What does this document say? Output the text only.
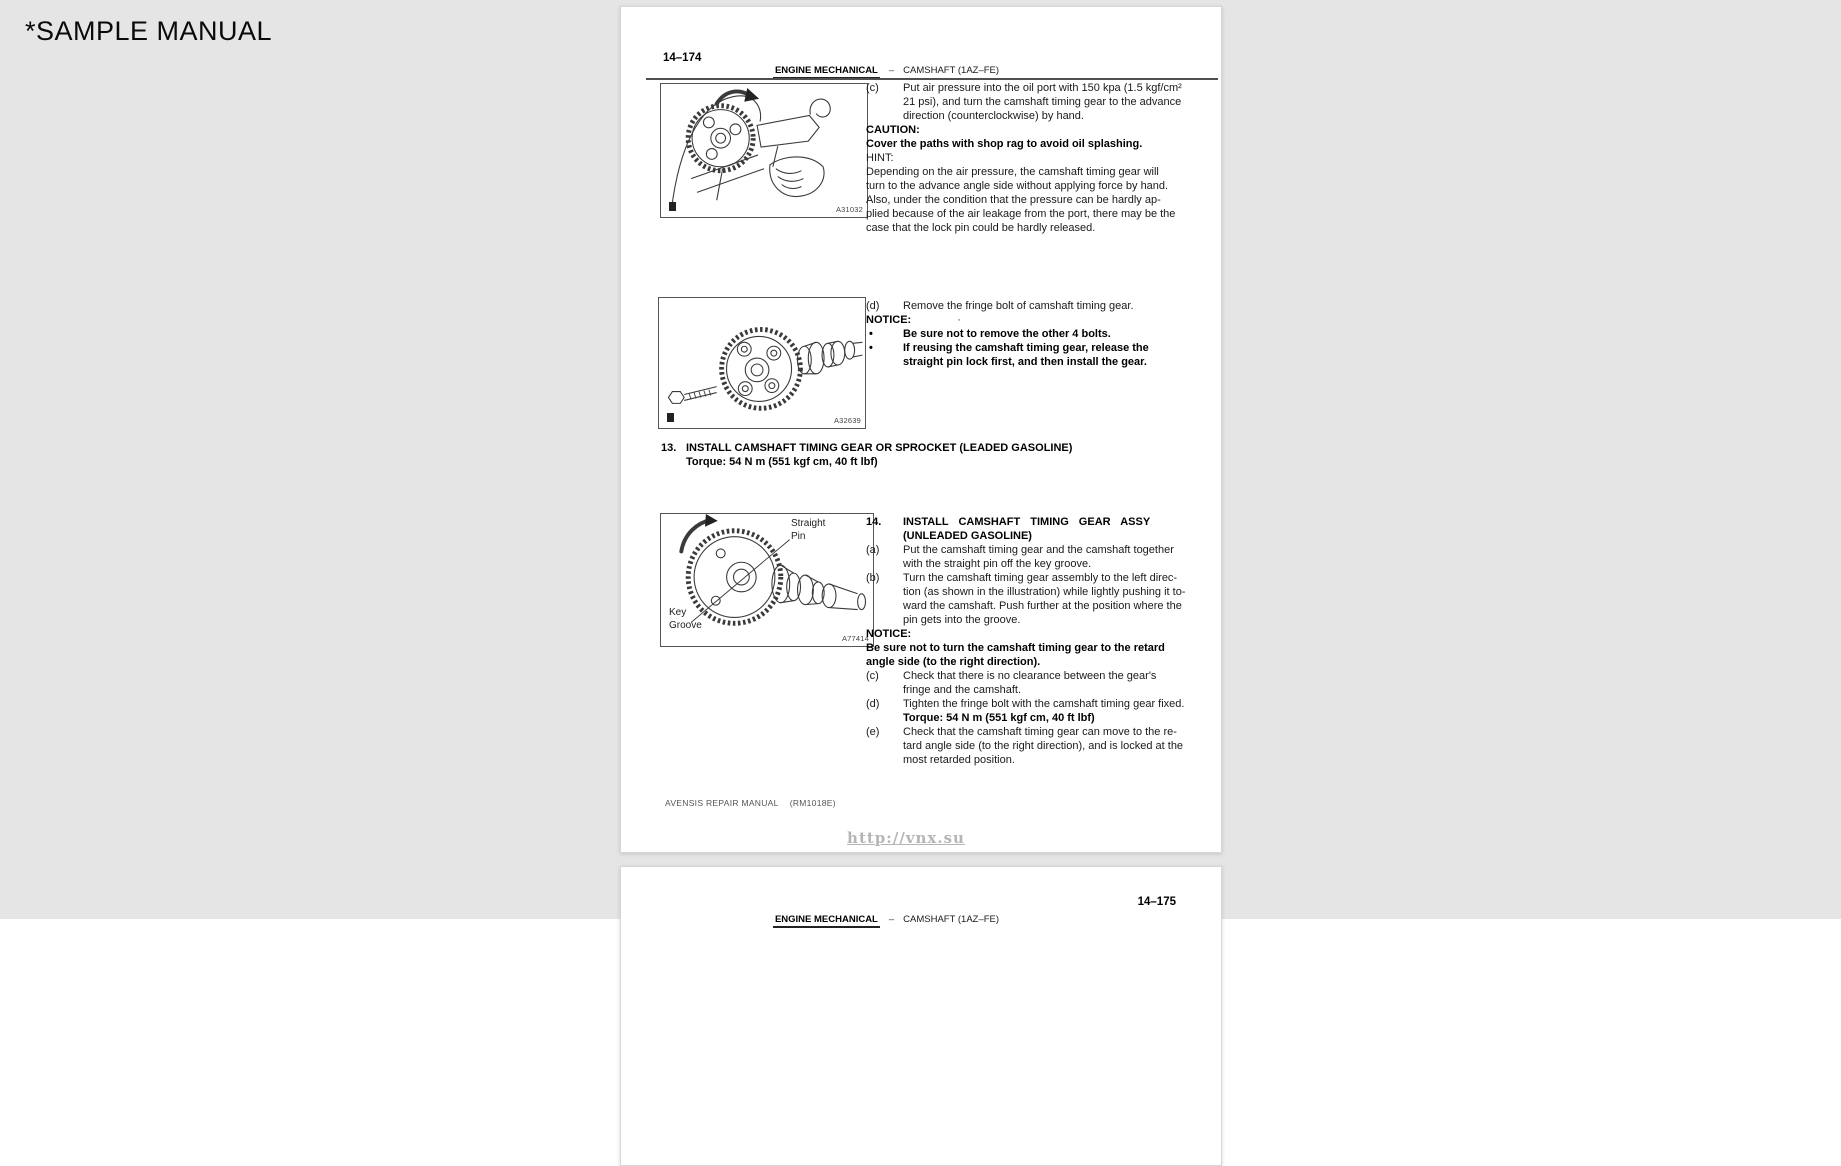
*SAMPLE MANUAL
14–174
ENGINE MECHANICAL – CAMSHAFT (1AZ–FE)
A31032
(c)	Put air pressure into the oil port with 150 kpa (1.5 kgf/cm²
21 psi), and turn the camshaft timing gear to the advance
direction (counterclockwise) by hand.
CAUTION:
Cover the paths with shop rag to avoid oil splashing.
HINT:
Depending on the air pressure, the camshaft timing gear will
turn to the advance angle side without applying force by hand.
Also, under the condition that the pressure can be hardly ap-
plied because of the air leakage from the port, there may be the
case that the lock pin could be hardly released.
A32639
(d)	Remove the fringe bolt of camshaft timing gear.
NOTICE:	·
•	Be sure not to remove the other 4 bolts.
•	If reusing the camshaft timing gear, release the
straight pin lock first, and then install the gear.
13. INSTALL CAMSHAFT TIMING GEAR OR SPROCKET (LEADED GASOLINE)
Torque: 54 N m (551 kgf cm, 40 ft lbf)
Straight
Pin
Key
Groove
A77414
14.	INSTALL CAMSHAFT TIMING GEAR ASSY
(UNLEADED GASOLINE)
(a)	Put the camshaft timing gear and the camshaft together
with the straight pin off the key groove.
(b)	Turn the camshaft timing gear assembly to the left direc-
tion (as shown in the illustration) while lightly pushing it to-
ward the camshaft. Push further at the position where the
pin gets into the groove.
NOTICE:
Be sure not to turn the camshaft timing gear to the retard
angle side (to the right direction).
(c)	Check that there is no clearance between the gear's
fringe and the camshaft.
(d)	Tighten the fringe bolt with the camshaft timing gear fixed.
Torque: 54 N m (551 kgf cm, 40 ft lbf)
(e)	Check that the camshaft timing gear can move to the re-
tard angle side (to the right direction), and is locked at the
most retarded position.
AVENSIS REPAIR MANUAL (RM1018E)
http://vnx.su
14–175
ENGINE MECHANICAL – CAMSHAFT (1AZ–FE)
